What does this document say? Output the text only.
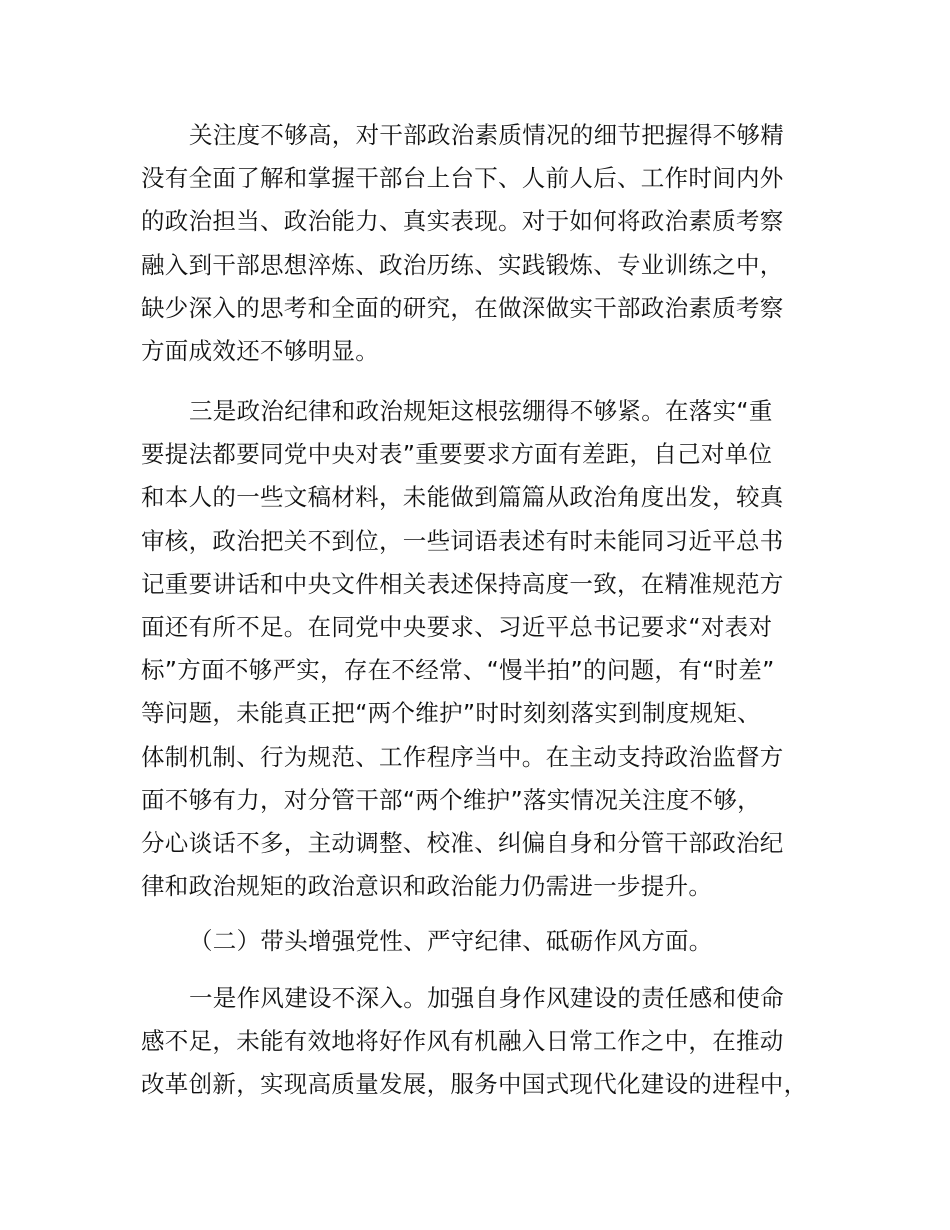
关注度不够高，对干部政治素质情况的细节把握得不够精
没有全面了解和掌握干部台上台下、人前人后、工作时间内外
的政治担当、政治能力、真实表现。对于如何将政治素质考察
融入到干部思想淬炼、政治历练、实践锻炼、专业训练之中，
缺少深入的思考和全面的研究，在做深做实干部政治素质考察
方面成效还不够明显。
三是政治纪律和政治规矩这根弦绷得不够紧。在落实“重
要提法都要同党中央对表”重要要求方面有差距，自己对单位
和本人的一些文稿材料，未能做到篇篇从政治角度出发，较真
审核，政治把关不到位，一些词语表述有时未能同习近平总书
记重要讲话和中央文件相关表述保持高度一致，在精准规范方
面还有所不足。在同党中央要求、习近平总书记要求“对表对
标”方面不够严实，存在不经常、“慢半拍”的问题，有“时差”
等问题，未能真正把“两个维护”时时刻刻落实到制度规矩、
体制机制、行为规范、工作程序当中。在主动支持政治监督方
面不够有力，对分管干部“两个维护”落实情况关注度不够，
分心谈话不多，主动调整、校准、纠偏自身和分管干部政治纪
律和政治规矩的政治意识和政治能力仍需进一步提升。
（二）带头增强党性、严守纪律、砥砺作风方面。
一是作风建设不深入。加强自身作风建设的责任感和使命
感不足，未能有效地将好作风有机融入日常工作之中，在推动
改革创新，实现高质量发展，服务中国式现代化建设的进程中，
